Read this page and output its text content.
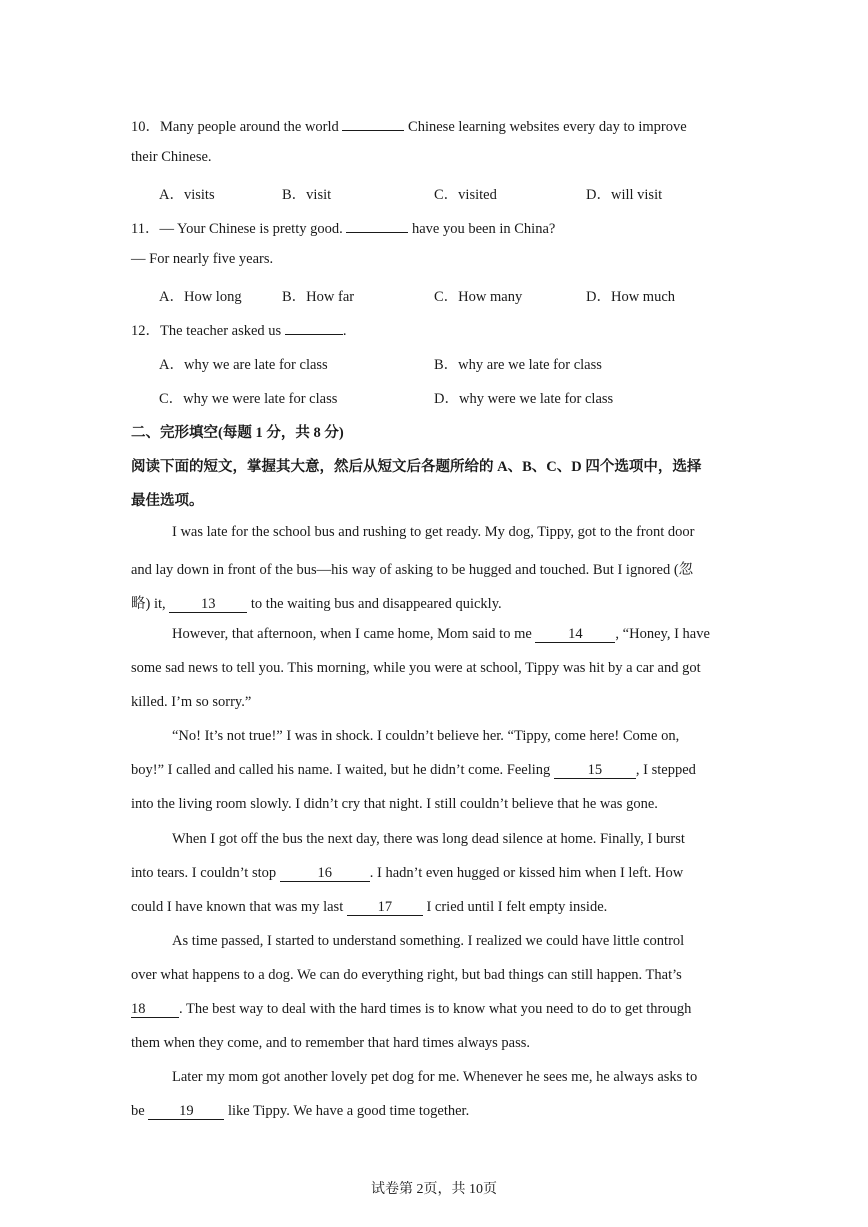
10．Many people around the world	Chinese learning websites every day to improve
their Chinese.
A．visits	B．visit	C．visited	D．will visit
11．— Your Chinese is pretty good.	have you been in China?
— For nearly five years.
A．How long	B．How far	C．How many	D．How much
12．The teacher asked us	.
A．why we are late for class	B．why are we late for class
C．why we were late for class	D．why were we late for class
二、完形填空(每题 1 分，共 8 分)
阅读下面的短文，掌握其大意，然后从短文后各题所给的 A、B、C、D 四个选项中，选择
最佳选项。
I was late for the school bus and rushing to get ready. My dog, Tippy, got to the front door
and lay down in front of the bus—his way of asking to be hugged and touched. But I ignored (忽
略) it, 13 to the waiting bus and disappeared quickly.
However, that afternoon, when I came home, Mom said to me	14 , “Honey, I have
some sad news to tell you. This morning, while you were at school, Tippy was hit by a car and got
killed. I’m so sorry.”
“No! It’s not true!” I was in shock. I couldn’t believe her. “Tippy, come here! Come on,
boy!” I called and called his name. I waited, but he didn’t come. Feeling	15 , I stepped
into the living room slowly. I didn’t cry that night. I still couldn’t believe that he was gone.
When I got off the bus the next day, there was long dead silence at home. Finally, I burst
into tears. I couldn’t stop	16	. I hadn’t even hugged or kissed him when I left. How
could I have known that was my last 17 I cried until I felt empty inside.
As time passed, I started to understand something. I realized we could have little control
over what happens to a dog. We can do everything right, but bad things can still happen. That’s
18 . The best way to deal with the hard times is to know what you need to do to get through
them when they come, and to remember that hard times always pass.
Later my mom got another lovely pet dog for me. Whenever he sees me, he always asks to
be 19 like Tippy. We have a good time together.
试卷第 2页，共 10页
